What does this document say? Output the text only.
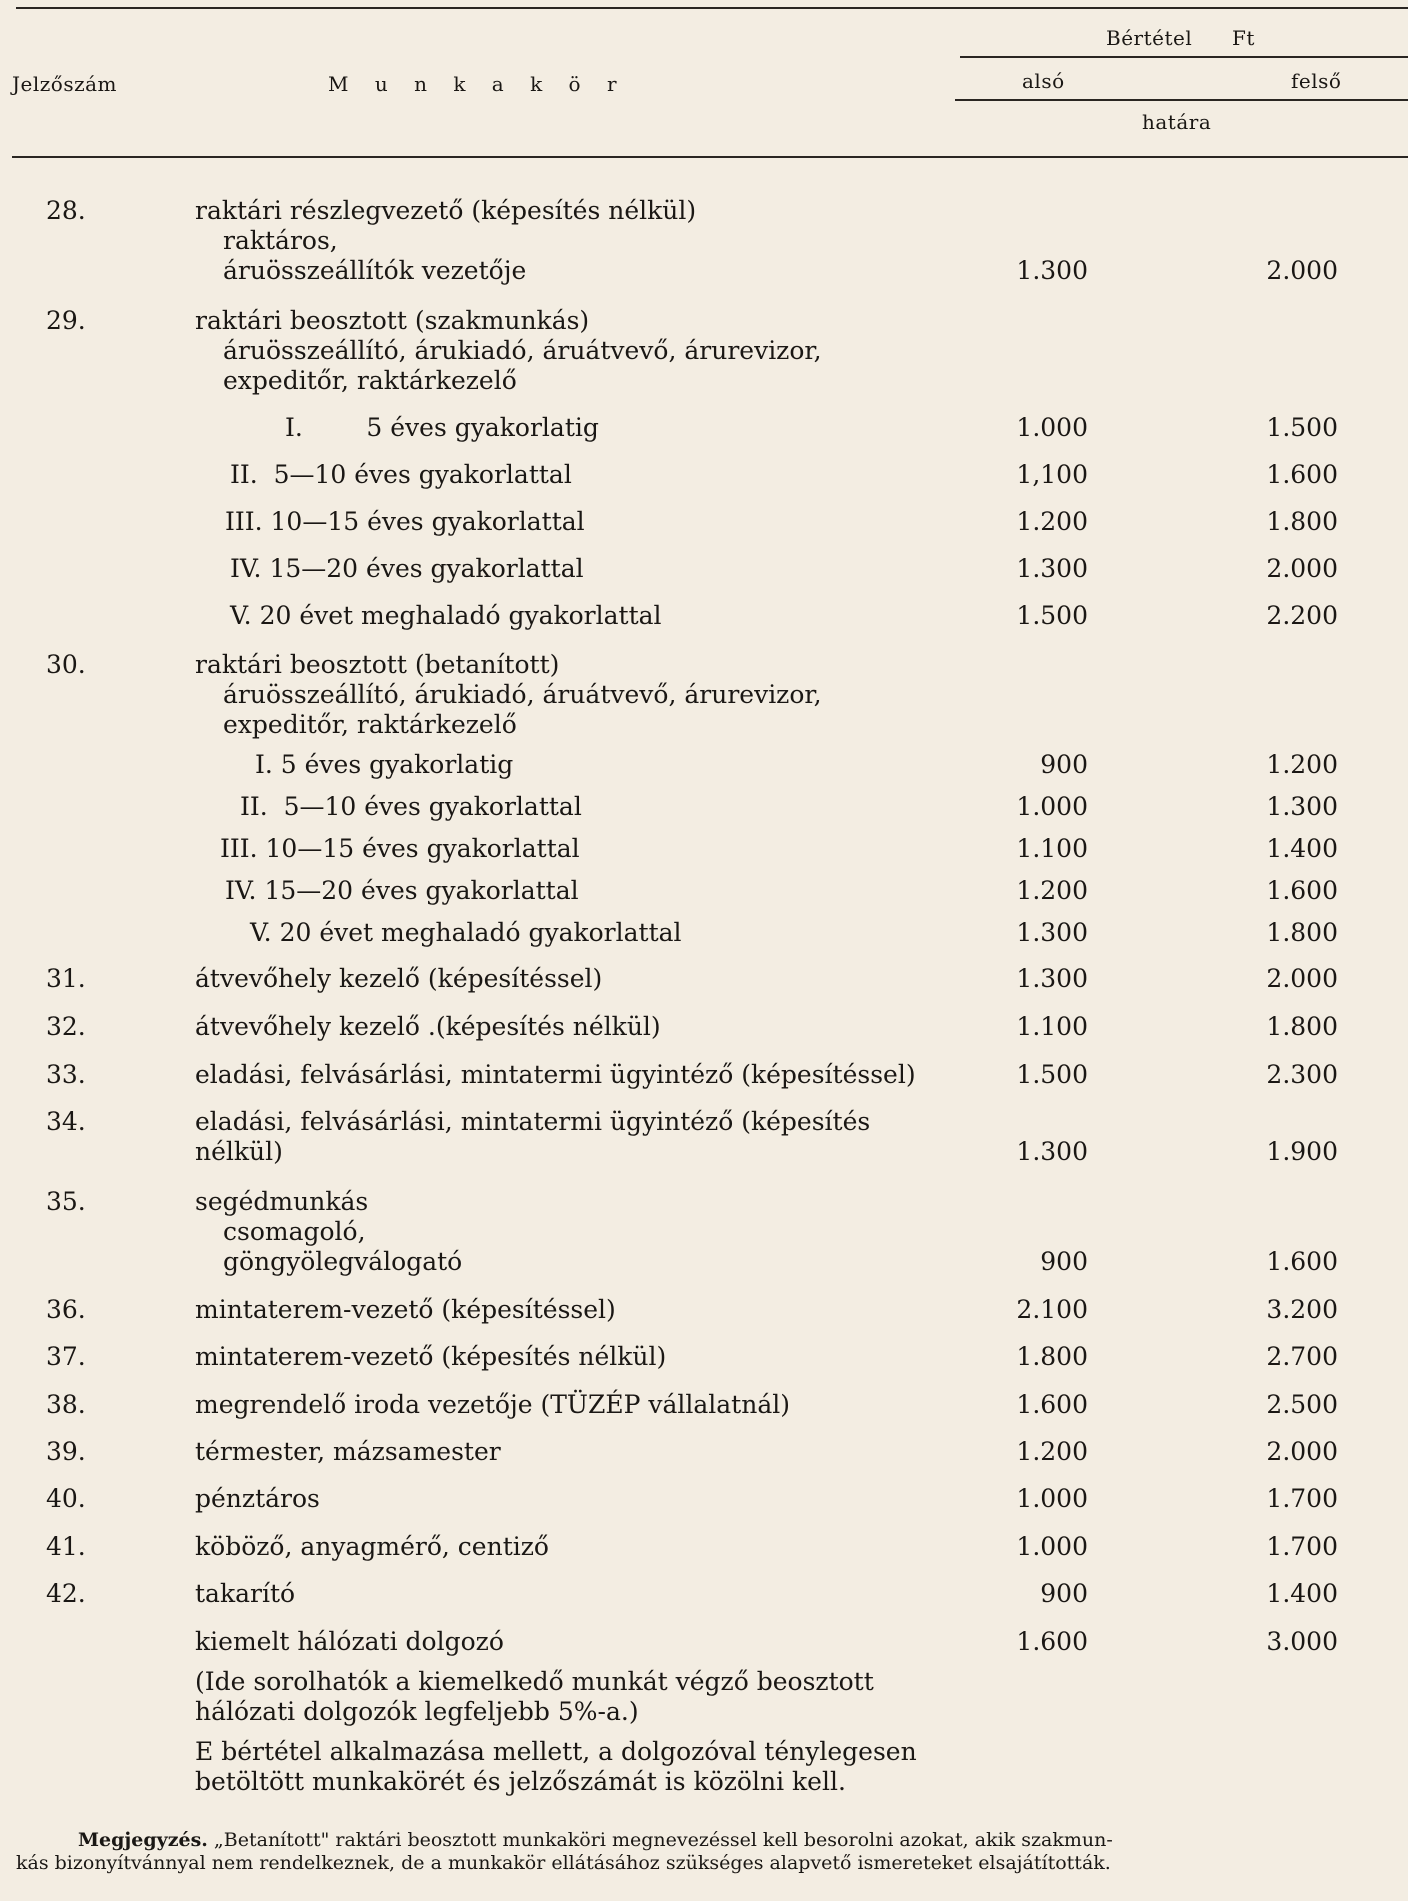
Jelzőszám	M u n k a k ö r
Bértétel Ft
alsó	felső
határa
28.	raktári részlegvezető (képesítés nélkül)
raktáros,
áruösszeállítók vezetője	1.300	2.000
29.	raktári beosztott (szakmunkás)
áruösszeállító, árukiadó, áruátvevő, árurevizor,
expeditőr, raktárkezelő
I.        5 éves gyakorlatig	1.000	1.500
II.  5—10 éves gyakorlattal	1,100	1.600
III. 10—15 éves gyakorlattal	1.200	1.800
IV. 15—20 éves gyakorlattal	1.300	2.000
V. 20 évet meghaladó gyakorlattal	1.500	2.200
30.	raktári beosztott (betanított)
áruösszeállító, árukiadó, áruátvevő, árurevizor,
expeditőr, raktárkezelő
I. 5 éves gyakorlatig	900	1.200
II.  5—10 éves gyakorlattal	1.000	1.300
III. 10—15 éves gyakorlattal	1.100	1.400
IV. 15—20 éves gyakorlattal	1.200	1.600
V. 20 évet meghaladó gyakorlattal	1.300	1.800
31.	átvevőhely kezelő (képesítéssel)	1.300	2.000
32.	átvevőhely kezelő .(képesítés nélkül)	1.100	1.800
33.	eladási, felvásárlási, mintatermi ügyintéző (képesítéssel)	1.500	2.300
34.	eladási, felvásárlási, mintatermi ügyintéző (képesítés
nélkül)	1.300	1.900
35.	segédmunkás
csomagoló,
göngyölegválogató	900	1.600
36.	mintaterem-vezető (képesítéssel)	2.100	3.200
37.	mintaterem-vezető (képesítés nélkül)	1.800	2.700
38.	megrendelő iroda vezetője (TÜZÉP vállalatnál)	1.600	2.500
39.	térmester, mázsamester	1.200	2.000
40.	pénztáros	1.000	1.700
41.	köböző, anyagmérő, centiző	1.000	1.700
42.	takarító	900	1.400
kiemelt hálózati dolgozó	1.600	3.000
(Ide sorolhatók a kiemelkedő munkát végző beosztott
hálózati dolgozók legfeljebb 5%-a.)
E bértétel alkalmazása mellett, a dolgozóval ténylegesen
betöltött munkakörét és jelzőszámát is közölni kell.
Megjegyzés. „Betanított" raktári beosztott munkaköri megnevezéssel kell besorolni azokat, akik szakmun-
kás bizonyítvánnyal nem rendelkeznek, de a munkakör ellátásához szükséges alapvető ismereteket elsajátították.
